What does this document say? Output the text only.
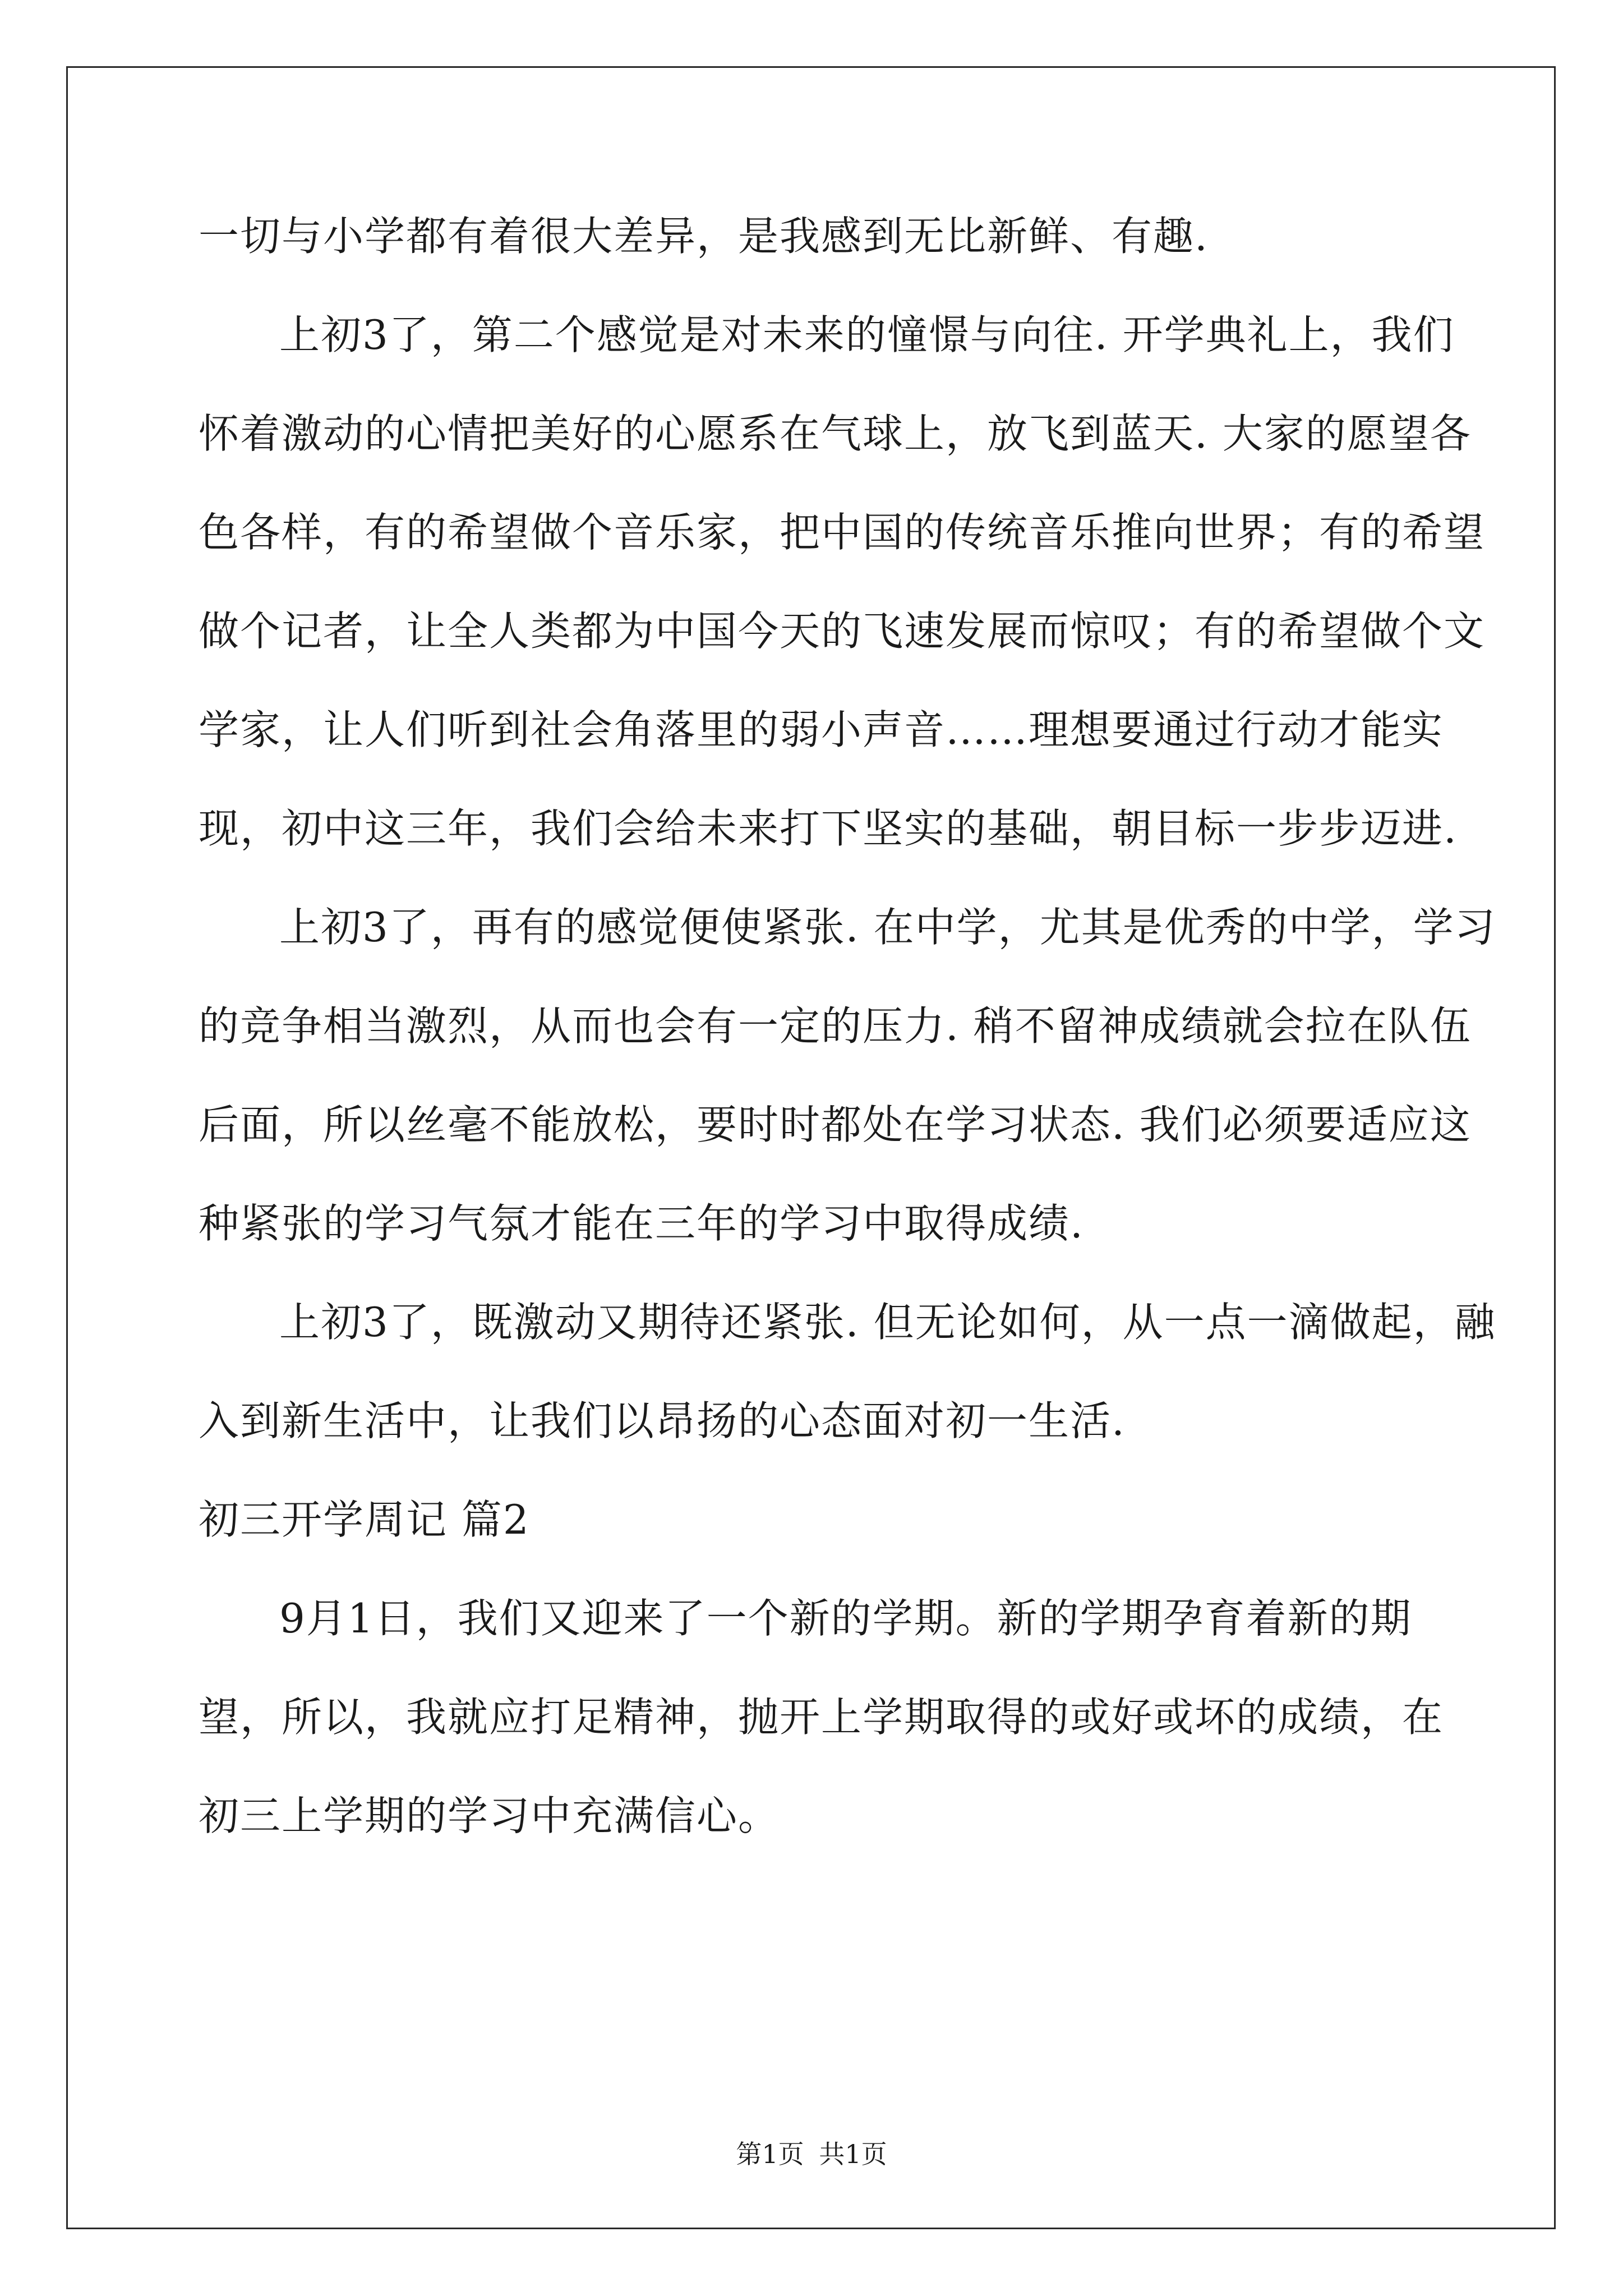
一切与小学都有着很大差异，是我感到无比新鲜、有趣.
上初3了，第二个感觉是对未来的憧憬与向往. 开学典礼上，我们
怀着激动的心情把美好的心愿系在气球上，放飞到蓝天. 大家的愿望各
色各样，有的希望做个音乐家，把中国的传统音乐推向世界；有的希望
做个记者，让全人类都为中国今天的飞速发展而惊叹；有的希望做个文
学家，让人们听到社会角落里的弱小声音……理想要通过行动才能实
现，初中这三年，我们会给未来打下坚实的基础，朝目标一步步迈进.
上初3了，再有的感觉便使紧张. 在中学，尤其是优秀的中学，学习
的竞争相当激烈，从而也会有一定的压力. 稍不留神成绩就会拉在队伍
后面，所以丝毫不能放松，要时时都处在学习状态. 我们必须要适应这
种紧张的学习气氛才能在三年的学习中取得成绩.
上初3了，既激动又期待还紧张. 但无论如何，从一点一滴做起，融
入到新生活中，让我们以昂扬的心态面对初一生活.
初三开学周记 篇2
9月1日，我们又迎来了一个新的学期。新的学期孕育着新的期
望，所以，我就应打足精神，抛开上学期取得的或好或坏的成绩，在
初三上学期的学习中充满信心。
第1页 共1页
